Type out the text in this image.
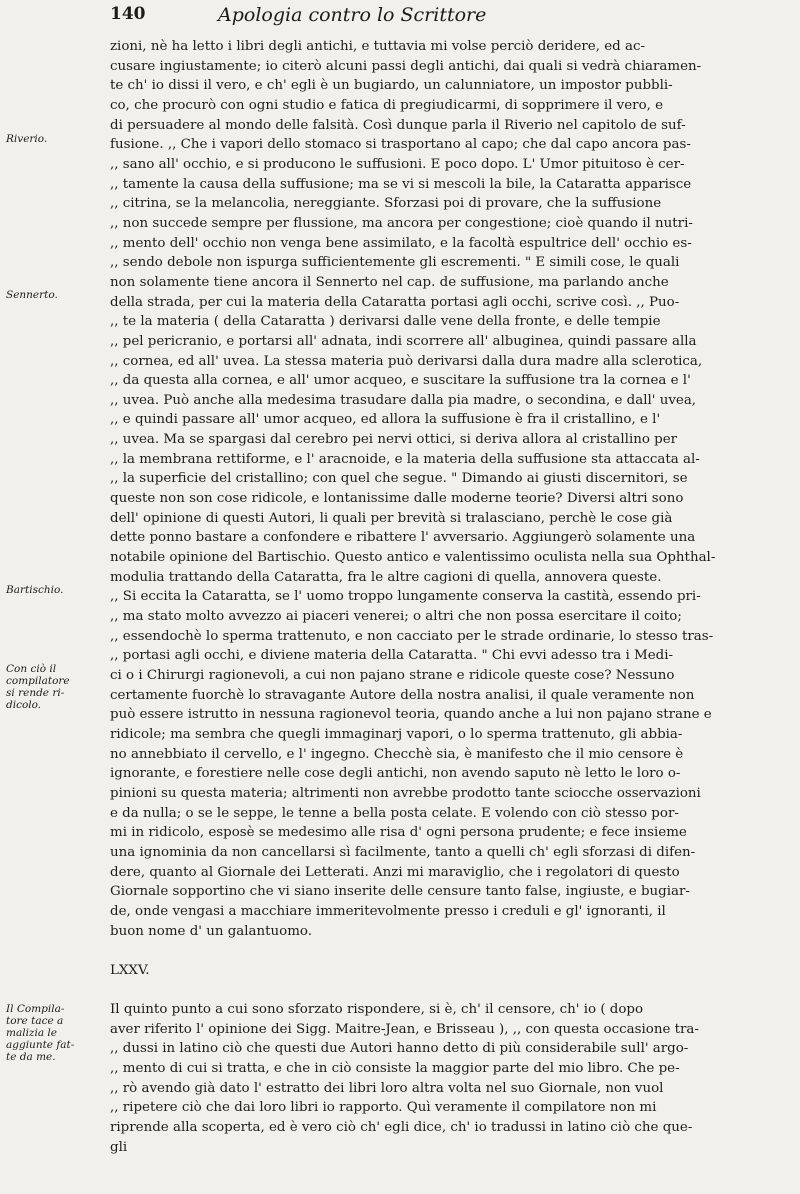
140	Apologia contro lo Scrittore
Riverio.
Sennerto.
Bartischio.
Con ciò il
compilatore
si rende ri-
dicolo.
Il Compila-
tore tace a
malizia le
aggiunte fat-
te da me.
zioni, nè ha letto i libri degli antichi, e tuttavia mi volse perciò deridere, ed ac-
cusare ingiustamente; io citerò alcuni passi degli antichi, dai quali si vedrà chiaramen-
te ch' io dissi il vero, e ch' egli è un bugiardo, un calunniatore, un impostor pubbli-
co, che procurò con ogni studio e fatica di pregiudicarmi, di sopprimere il vero, e
di persuadere al mondo delle falsità. Così dunque parla il Riverio nel capitolo de suf-
fusione. ,, Che i vapori dello stomaco si trasportano al capo; che dal capo ancora pas-
,, sano all' occhio, e si producono le suffusioni. E poco dopo. L' Umor pituitoso è cer-
,, tamente la causa della suffusione; ma se vi si mescoli la bile, la Cataratta apparisce
,, citrina, se la melancolia, nereggiante. Sforzasi poi di provare, che la suffusione
,, non succede sempre per flussione, ma ancora per congestione; cioè quando il nutri-
,, mento dell' occhio non venga bene assimilato, e la facoltà espultrice dell' occhio es-
,, sendo debole non ispurga sufficientemente gli escrementi. " E simili cose, le quali
non solamente tiene ancora il Sennerto nel cap. de suffusione, ma parlando anche
della strada, per cui la materia della Cataratta portasi agli occhi, scrive così. ,, Puo-
,, te la materia ( della Cataratta ) derivarsi dalle vene della fronte, e delle tempie
,, pel pericranio, e portarsi all' adnata, indi scorrere all' albuginea, quindi passare alla
,, cornea, ed all' uvea. La stessa materia può derivarsi dalla dura madre alla sclerotica,
,, da questa alla cornea, e all' umor acqueo, e suscitare la suffusione tra la cornea e l'
,, uvea. Può anche alla medesima trasudare dalla pia madre, o secondina, e dall' uvea,
,, e quindi passare all' umor acqueo, ed allora la suffusione è fra il cristallino, e l'
,, uvea. Ma se spargasi dal cerebro pei nervi ottici, si deriva allora al cristallino per
,, la membrana rettiforme, e l' aracnoide, e la materia della suffusione sta attaccata al-
,, la superficie del cristallino; con quel che segue. " Dimando ai giusti discernitori, se
queste non son cose ridicole, e lontanissime dalle moderne teorie? Diversi altri sono
dell' opinione di questi Autori, li quali per brevità si tralasciano, perchè le cose già
dette ponno bastare a confondere e ribattere l' avversario. Aggiungerò solamente una
notabile opinione del Bartischio. Questo antico e valentissimo oculista nella sua Ophthal-
modulia trattando della Cataratta, fra le altre cagioni di quella, annovera queste.
,, Si eccita la Cataratta, se l' uomo troppo lungamente conserva la castità, essendo pri-
,, ma stato molto avvezzo ai piaceri venerei; o altri che non possa esercitare il coito;
,, essendochè lo sperma trattenuto, e non cacciato per le strade ordinarie, lo stesso tras-
,, portasi agli occhi, e diviene materia della Cataratta. " Chi evvi adesso tra i Medi-
ci o i Chirurgi ragionevoli, a cui non pajano strane e ridicole queste cose? Nessuno
certamente fuorchè lo stravagante Autore della nostra analisi, il quale veramente non
può essere istrutto in nessuna ragionevol teoria, quando anche a lui non pajano strane e
ridicole; ma sembra che quegli immaginarj vapori, o lo sperma trattenuto, gli abbia-
no annebbiato il cervello, e l' ingegno. Checchè sia, è manifesto che il mio censore è
ignorante, e forestiere nelle cose degli antichi, non avendo saputo nè letto le loro o-
pinioni su questa materia; altrimenti non avrebbe prodotto tante sciocche osservazioni
e da nulla; o se le seppe, le tenne a bella posta celate. E volendo con ciò stesso por-
mi in ridicolo, esposè se medesimo alle risa d' ogni persona prudente; e fece insieme
una ignominia da non cancellarsi sì facilmente, tanto a quelli ch' egli sforzasi di difen-
dere, quanto al Giornale dei Letterati. Anzi mi maraviglio, che i regolatori di questo
Giornale sopportino che vi siano inserite delle censure tanto false, ingiuste, e bugiar-
de, onde vengasi a macchiare immeritevolmente presso i creduli e gl' ignoranti, il
buon nome d' un galantuomo.
LXXV.
Il quinto punto a cui sono sforzato rispondere, si è, ch' il censore, ch' io ( dopo
aver riferito l' opinione dei Sigg. Maitre-Jean, e Brisseau ), ,, con questa occasione tra-
,, dussi in latino ciò che questi due Autori hanno detto di più considerabile sull' argo-
,, mento di cui si tratta, e che in ciò consiste la maggior parte del mio libro. Che pe-
,, rò avendo già dato l' estratto dei libri loro altra volta nel suo Giornale, non vuol
,, ripetere ciò che dai loro libri io rapporto. Quì veramente il compilatore non mi
riprende alla scoperta, ed è vero ciò ch' egli dice, ch' io tradussi in latino ciò che que-
gli
